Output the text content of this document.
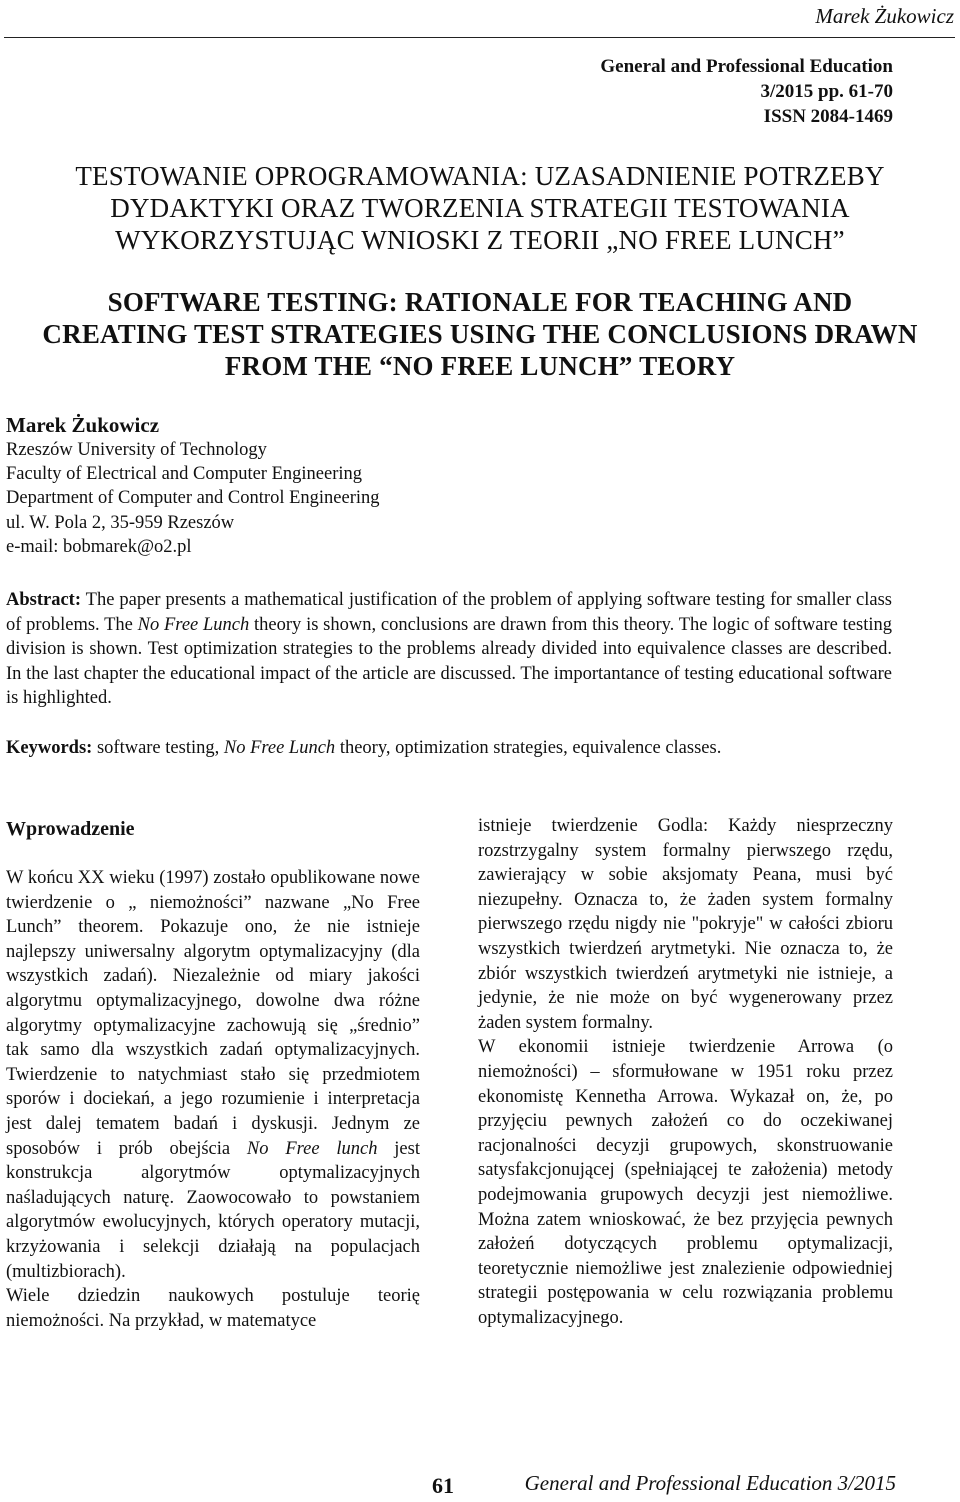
Marek Żukowicz
General and Professional Education
3/2015 pp. 61-70
ISSN 2084-1469
TESTOWANIE OPROGRAMOWANIA: UZASADNIENIE POTRZEBY
DYDAKTYKI ORAZ TWORZENIA STRATEGII TESTOWANIA
WYKORZYSTUJĄC WNIOSKI Z TEORII „NO FREE LUNCH”
SOFTWARE TESTING: RATIONALE FOR TEACHING AND
CREATING TEST STRATEGIES USING THE CONCLUSIONS DRAWN
FROM THE “NO FREE LUNCH” TEORY
Marek Żukowicz
Rzeszów University of Technology
Faculty of Electrical and Computer Engineering
Department of Computer and Control Engineering
ul. W. Pola 2, 35-959 Rzeszów
e-mail: bobmarek@o2.pl
Abstract: The paper presents a mathematical justification of the problem of applying software testing for smaller class of problems. The No Free Lunch theory is shown, conclusions are drawn from this theory. The logic of software testing division is shown. Test optimization strategies to the problems already divided into equivalence classes are described. In the last chapter the educational impact of the article are discussed. The importantance of testing educational software is highlighted.
Keywords: software testing, No Free Lunch theory, optimization strategies, equivalence classes.
Wprowadzenie

W końcu XX wieku (1997) zostało opublikowane nowe twierdzenie o „ niemożności” nazwane „No Free Lunch” theorem. Pokazuje ono, że nie istnieje najlepszy uniwersalny algorytm optymalizacyjny (dla wszystkich zadań). Niezależnie od miary jakości algorytmu optymalizacyjnego, dowolne dwa różne algorytmy optymalizacyjne zachowują się „średnio” tak samo dla wszystkich zadań optymalizacyjnych. Twierdzenie to natychmiast stało się przedmiotem sporów i dociekań, a jego rozumienie i interpretacja jest dalej tematem badań i dyskusji. Jednym ze sposobów i prób obejścia No Free lunch jest konstrukcja algorytmów optymalizacyjnych naśladujących naturę. Zaowocowało to powstaniem algorytmów ewolucyjnych, których operatory mutacji, krzyżowania i selekcji działają na populacjach (multizbiorach).

Wiele dziedzin naukowych postuluje teorię niemożności. Na przykład, w matematyce

istnieje twierdzenie Godla: Każdy niesprzeczny rozstrzygalny system formalny pierwszego rzędu, zawierający w sobie aksjomaty Peana, musi być niezupełny. Oznacza to, że żaden system formalny pierwszego rzędu nigdy nie "pokryje" w całości zbioru wszystkich twierdzeń arytmetyki. Nie oznacza to, że zbiór wszystkich twierdzeń arytmetyki nie istnieje, a jedynie, że nie może on być wygenerowany przez żaden system formalny.

W ekonomii istnieje twierdzenie Arrowa (o niemożności) – sformułowane w 1951 roku przez ekonomistę Kennetha Arrowa. Wykazał on, że, po przyjęciu pewnych założeń co do oczekiwanej racjonalności decyzji grupowych, skonstruowanie satysfakcjonującej (spełniającej te założenia) metody podejmowania grupowych decyzji jest niemożliwe. Można zatem wnioskować, że bez przyjęcia pewnych założeń dotyczących problemu optymalizacji, teoretycznie niemożliwe jest znalezienie odpowiedniej strategii postępowania w celu rozwiązania problemu optymalizacyjnego.

61	General and Professional Education 3/2015
